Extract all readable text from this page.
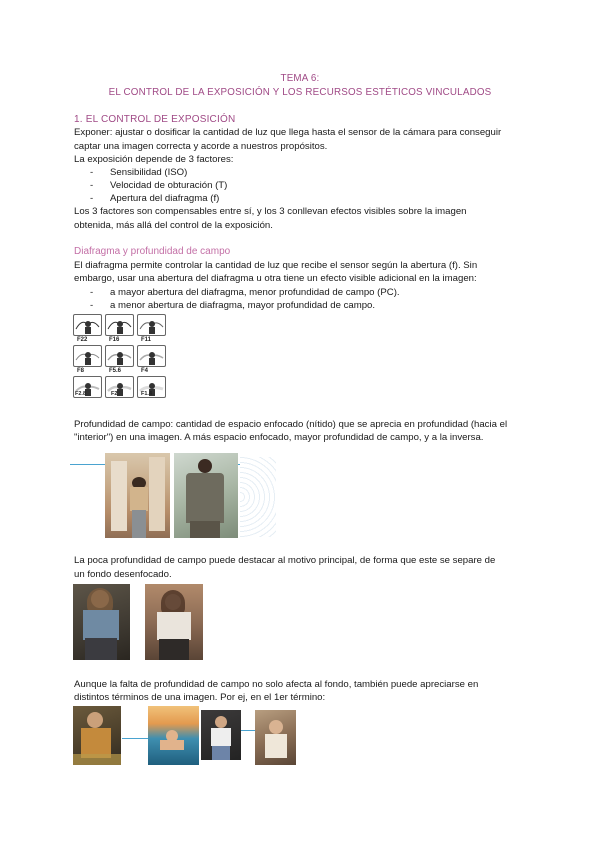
TEMA 6:
EL CONTROL DE LA EXPOSICIÓN Y LOS RECURSOS ESTÉTICOS VINCULADOS
1. EL CONTROL DE EXPOSICIÓN
Exponer: ajustar o dosificar la cantidad de luz que llega hasta el sensor de la cámara para conseguir
captar una imagen correcta y acorde a nuestros propósitos.
La exposición depende de 3 factores:
- Sensibilidad (ISO)
- Velocidad de obturación (T)
- Apertura del diafragma (f)
Los 3 factores son compensables entre sí, y los 3 conllevan efectos visibles sobre la imagen
obtenida, más allá del control de la exposición.
Diafragma y profundidad de campo
El diafragma permite controlar la cantidad de luz que recibe el sensor según la abertura (f). Sin
embargo, usar una abertura del diafragma u otra tiene un efecto visible adicional en la imagen:
- a mayor abertura del diafragma, menor profundidad de campo (PC).
- a menor abertura de diafragma, mayor profundidad de campo.
F22	F16	F11
F8	F5.6	F4
F2.8	F2	F1.4
Profundidad de campo: cantidad de espacio enfocado (nítido) que se aprecia en profundidad (hacia el
"interior") en una imagen. A más espacio enfocado, mayor profundidad de campo, y a la inversa.
La poca profundidad de campo puede destacar al motivo principal, de forma que este se separe de
un fondo desenfocado.
Aunque la falta de profundidad de campo no solo afecta al fondo, también puede apreciarse en
distintos términos de una imagen. Por ej, en el 1er término:
